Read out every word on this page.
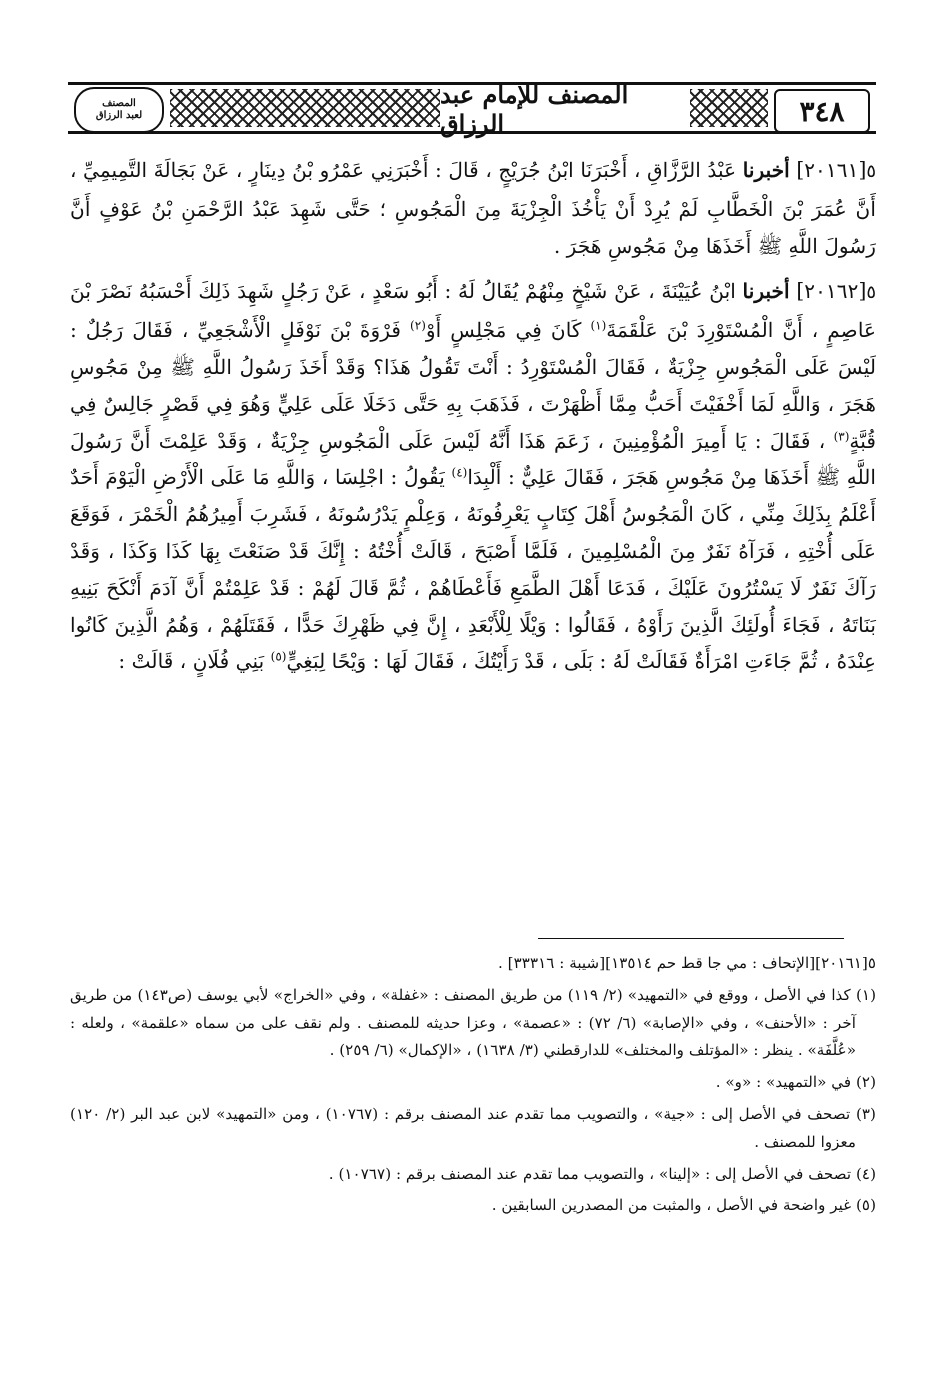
المصنف
لعبد الرزاق
المصنف للإمام عبد الرزاق	٣٤٨

٥[٢٠١٦١] أخبرنا عَبْدُ الرَّزَّاقِ ، أَخْبَرَنَا ابْنُ جُرَيْجٍ ، قَالَ : أَخْبَرَنِي عَمْرُو بْنُ دِينَارٍ ، عَنْ بَجَالَةَ التَّمِيمِيِّ ، أَنَّ عُمَرَ بْنَ الْخَطَّابِ لَمْ يُرِدْ أَنْ يَأْخُذَ الْجِزْيَةَ مِنَ الْمَجُوسِ ؛ حَتَّى شَهِدَ عَبْدُ الرَّحْمَنِ بْنُ عَوْفٍ أَنَّ رَسُولَ اللَّهِ ﷺ أَخَذَهَا مِنْ مَجُوسِ هَجَرَ .

٥[٢٠١٦٢] أخبرنا ابْنُ عُيَيْنَةَ ، عَنْ شَيْخٍ مِنْهُمْ يُقَالُ لَهُ : أَبُو سَعْدٍ ، عَنْ رَجُلٍ شَهِدَ ذَلِكَ أَحْسَبُهُ نَصْرَ بْنَ عَاصِمٍ ، أَنَّ الْمُسْتَوْرِدَ بْنَ عَلْقَمَةَ$^{(١)}$ كَانَ فِي مَجْلِسٍ أَوْ$^{(٢)}$ فَرْوَةَ بْنَ نَوْفَلٍ الْأَشْجَعِيِّ ، فَقَالَ رَجُلٌ : لَيْسَ عَلَى الْمَجُوسِ جِزْيَةٌ ، فَقَالَ الْمُسْتَوْرِدُ : أَنْتَ تَقُولُ هَذَا؟ وَقَدْ أَخَذَ رَسُولُ اللَّهِ ﷺ مِنْ مَجُوسِ هَجَرَ ، وَاللَّهِ لَمَا أَخْفَيْتَ أَحَبُّ مِمَّا أَظْهَرْتَ ، فَذَهَبَ بِهِ حَتَّى دَخَلَا عَلَى عَلِيٍّ وَهُوَ فِي قَصْرٍ جَالِسٌ فِي قُبَّةٍ$^{(٣)}$ ، فَقَالَ : يَا أَمِيرَ الْمُؤْمِنِينَ ، زَعَمَ هَذَا أَنَّهُ لَيْسَ عَلَى الْمَجُوسِ جِزْيَةٌ ، وَقَدْ عَلِمْتَ أَنَّ رَسُولَ اللَّهِ ﷺ أَخَذَهَا مِنْ مَجُوسِ هَجَرَ ، فَقَالَ عَلِيٌّ : أَلْبِدَا$^{(٤)}$ يَقُولُ : اجْلِسَا ، وَاللَّهِ مَا عَلَى الْأَرْضِ الْيَوْمَ أَحَدٌ أَعْلَمُ بِذَلِكَ مِنِّي ، كَانَ الْمَجُوسُ أَهْلَ كِتَابٍ يَعْرِفُونَهُ ، وَعِلْمٍ يَدْرُسُونَهُ ، فَشَرِبَ أَمِيرُهُمُ الْخَمْرَ ، فَوَقَعَ عَلَى أُخْتِهِ ، فَرَآهُ نَفَرٌ مِنَ الْمُسْلِمِينَ ، فَلَمَّا أَصْبَحَ ، قَالَتْ أُخْتُهُ : إِنَّكَ قَدْ صَنَعْتَ بِهَا كَذَا وَكَذَا ، وَقَدْ رَآكَ نَفَرٌ لَا يَسْتُرُونَ عَلَيْكَ ، فَدَعَا أَهْلَ الطَّمَعِ فَأَعْطَاهُمْ ، ثُمَّ قَالَ لَهُمْ : قَدْ عَلِمْتُمْ أَنَّ آدَمَ أَنْكَحَ بَنِيهِ بَنَاتَهُ ، فَجَاءَ أُولَئِكَ الَّذِينَ رَأَوْهُ ، فَقَالُوا : وَيْلًا لِلْأَبْعَدِ ، إِنَّ فِي ظَهْرِكَ حَدًّا ، فَقَتَلَهُمْ ، وَهُمُ الَّذِينَ كَانُوا عِنْدَهُ ، ثُمَّ جَاءَتِ امْرَأَةٌ فَقَالَتْ لَهُ : بَلَى ، قَدْ رَأَيْتُكَ ، فَقَالَ لَهَا : وَيْحًا لِبَغِيٍّ$^{(٥)}$ بَنِي فُلَانٍ ، قَالَتْ :

٥[٢٠١٦١][الإتحاف : مي جا قط حم ١٣٥١٤][شيبة : ٣٣٣١٦] .

(١) كذا في الأصل ، ووقع في «التمهيد» (٢/ ١١٩) من طريق المصنف : «غفلة» ، وفي «الخراج» لأبي يوسف (ص١٤٣) من طريق آخر : «الأحنف» ، وفي «الإصابة» (٦/ ٧٢) : «عصمة» ، وعزا حديثه للمصنف . ولم نقف على من سماه «علقمة» ، ولعله : «عُلَّفَة» . ينظر : «المؤتلف والمختلف» للدارقطني (٣/ ١٦٣٨) ، «الإكمال» (٦/ ٢٥٩) .

(٢) في «التمهيد» : «و» .

(٣) تصحف في الأصل إلى : «جية» ، والتصويب مما تقدم عند المصنف برقم : (١٠٧٦٧) ، ومن «التمهيد» لابن عبد البر (٢/ ١٢٠) معزوا للمصنف .

(٤) تصحف في الأصل إلى : «إلينا» ، والتصويب مما تقدم عند المصنف برقم : (١٠٧٦٧) .

(٥) غير واضحة في الأصل ، والمثبت من المصدرين السابقين .
